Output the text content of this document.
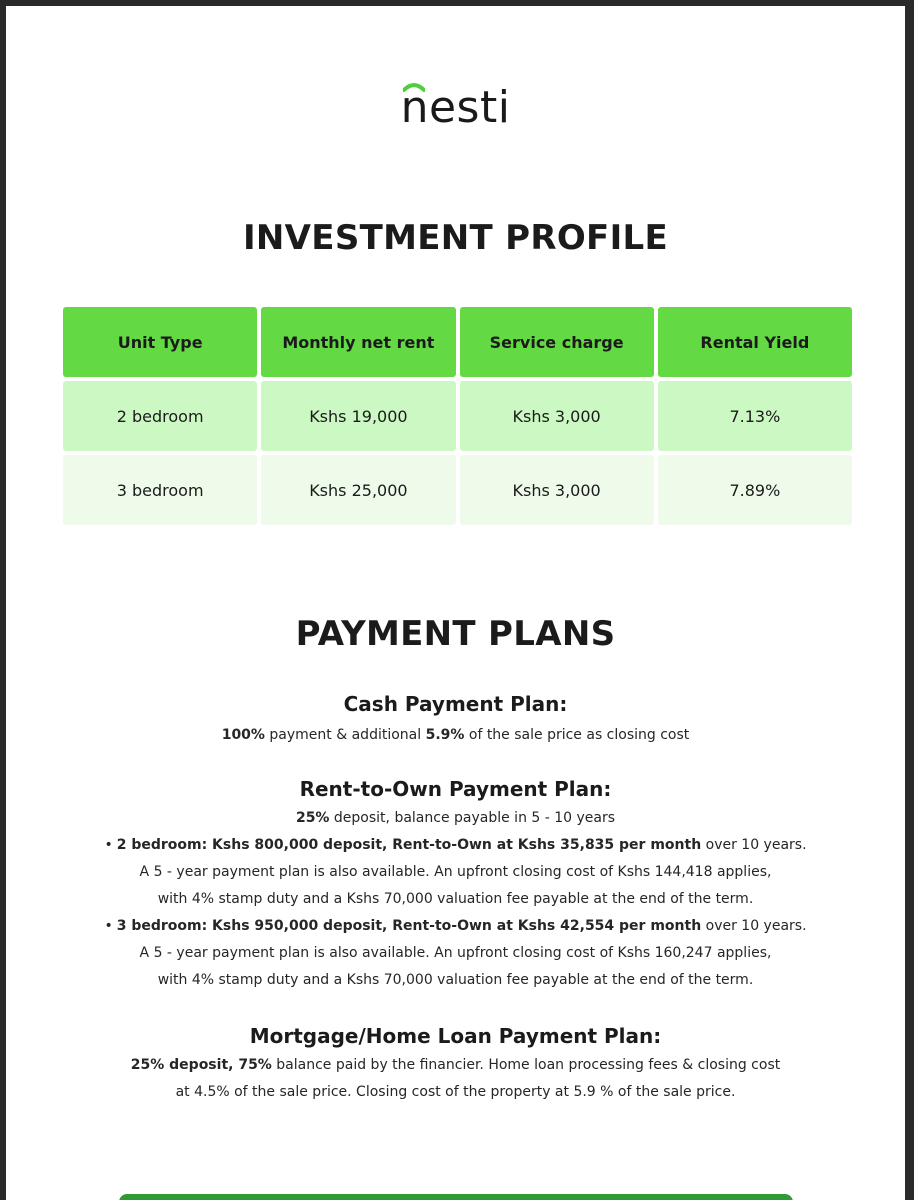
nesti
INVESTMENT PROFILE
Unit Type	Monthly net rent	Service charge	Rental Yield
2 bedroom	Kshs 19,000	Kshs 3,000	7.13%
3 bedroom	Kshs 25,000	Kshs 3,000	7.89%
PAYMENT PLANS

Cash Payment Plan:

100% payment & additional 5.9% of the sale price as closing cost

Rent-to-Own Payment Plan:

25% deposit, balance payable in 5 - 10 years

• 2 bedroom: Kshs 800,000 deposit, Rent-to-Own at Kshs 35,835 per month over 10 years.

A 5 - year payment plan is also available. An upfront closing cost of Kshs 144,418 applies,

with 4% stamp duty and a Kshs 70,000 valuation fee payable at the end of the term.

• 3 bedroom: Kshs 950,000 deposit, Rent-to-Own at Kshs 42,554 per month over 10 years.

A 5 - year payment plan is also available. An upfront closing cost of Kshs 160,247 applies,

with 4% stamp duty and a Kshs 70,000 valuation fee payable at the end of the term.

Mortgage/Home Loan Payment Plan:

25% deposit, 75% balance paid by the financier. Home loan processing fees & closing cost

at 4.5% of the sale price. Closing cost of the property at 5.9 % of the sale price.
